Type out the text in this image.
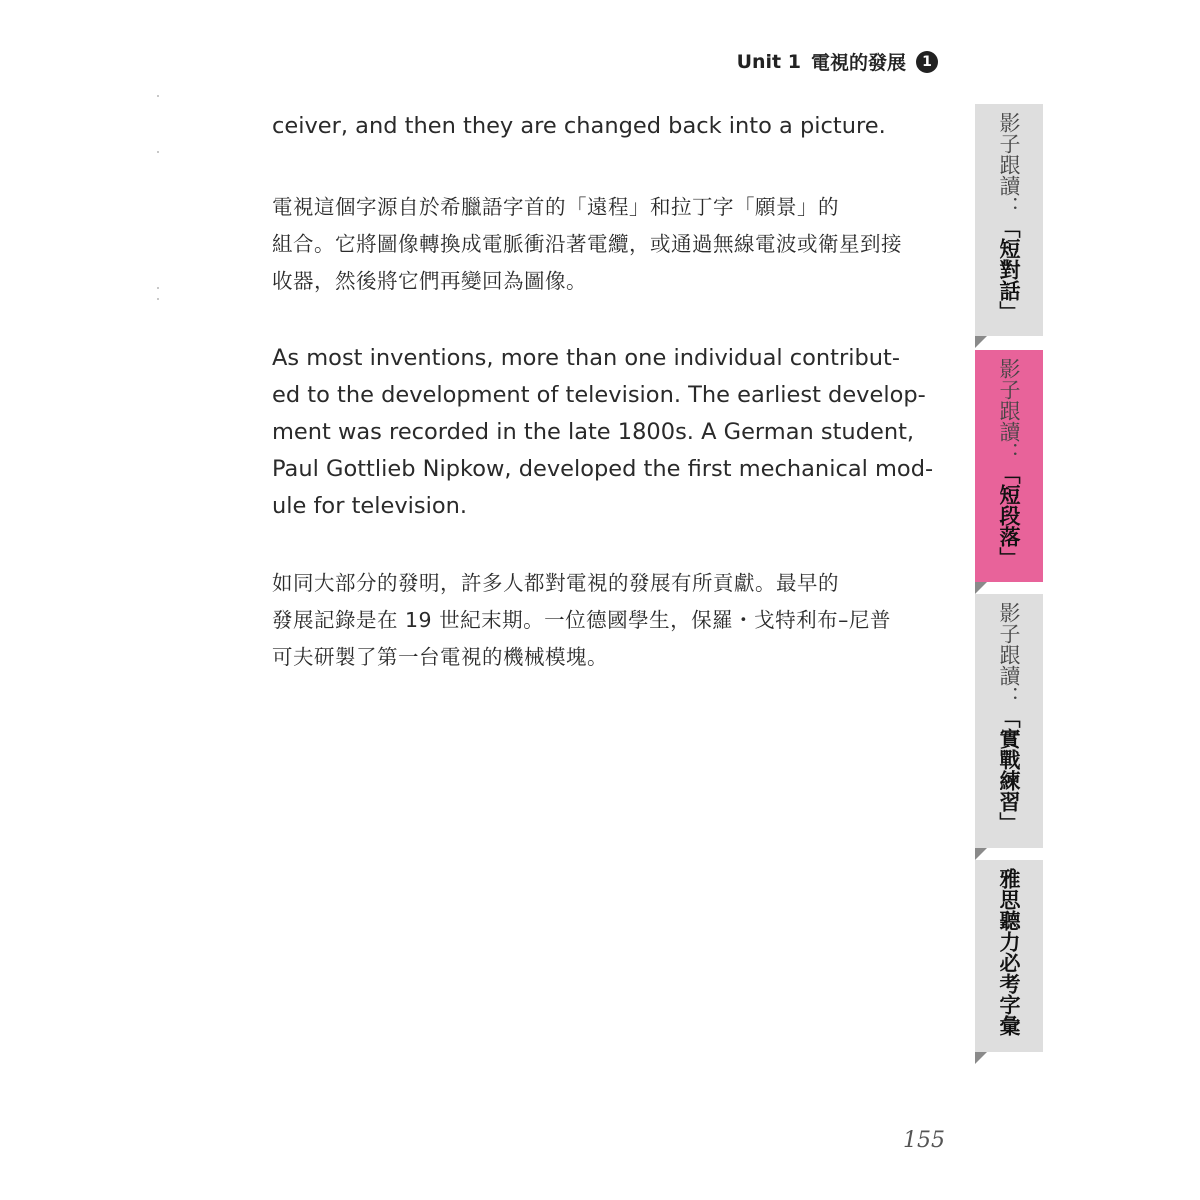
Unit 1 電視的發展	1

ceiver, and then they are changed back into a picture.

電視這個字源自於希臘語字首的「遠程」和拉丁字「願景」的
組合。它將圖像轉換成電脈衝沿著電纜，或通過無線電波或衛星到接
收器，然後將它們再變回為圖像。

As most inventions, more than one individual contribut-
ed to the development of television. The earliest develop-
ment was recorded in the late 1800s. A German student,
Paul Gottlieb Nipkow, developed the first mechanical mod-
ule for television.

如同大部分的發明，許多人都對電視的發展有所貢獻。最早的
發展記錄是在 19 世紀末期。一位德國學生，保羅・戈特利布–尼普
可夫研製了第一台電視的機械模塊。

影子跟讀：
「短對話」
影子跟讀：
「短段落」
影子跟讀：
「實戰練習」
雅思聽力必考字彙
155
